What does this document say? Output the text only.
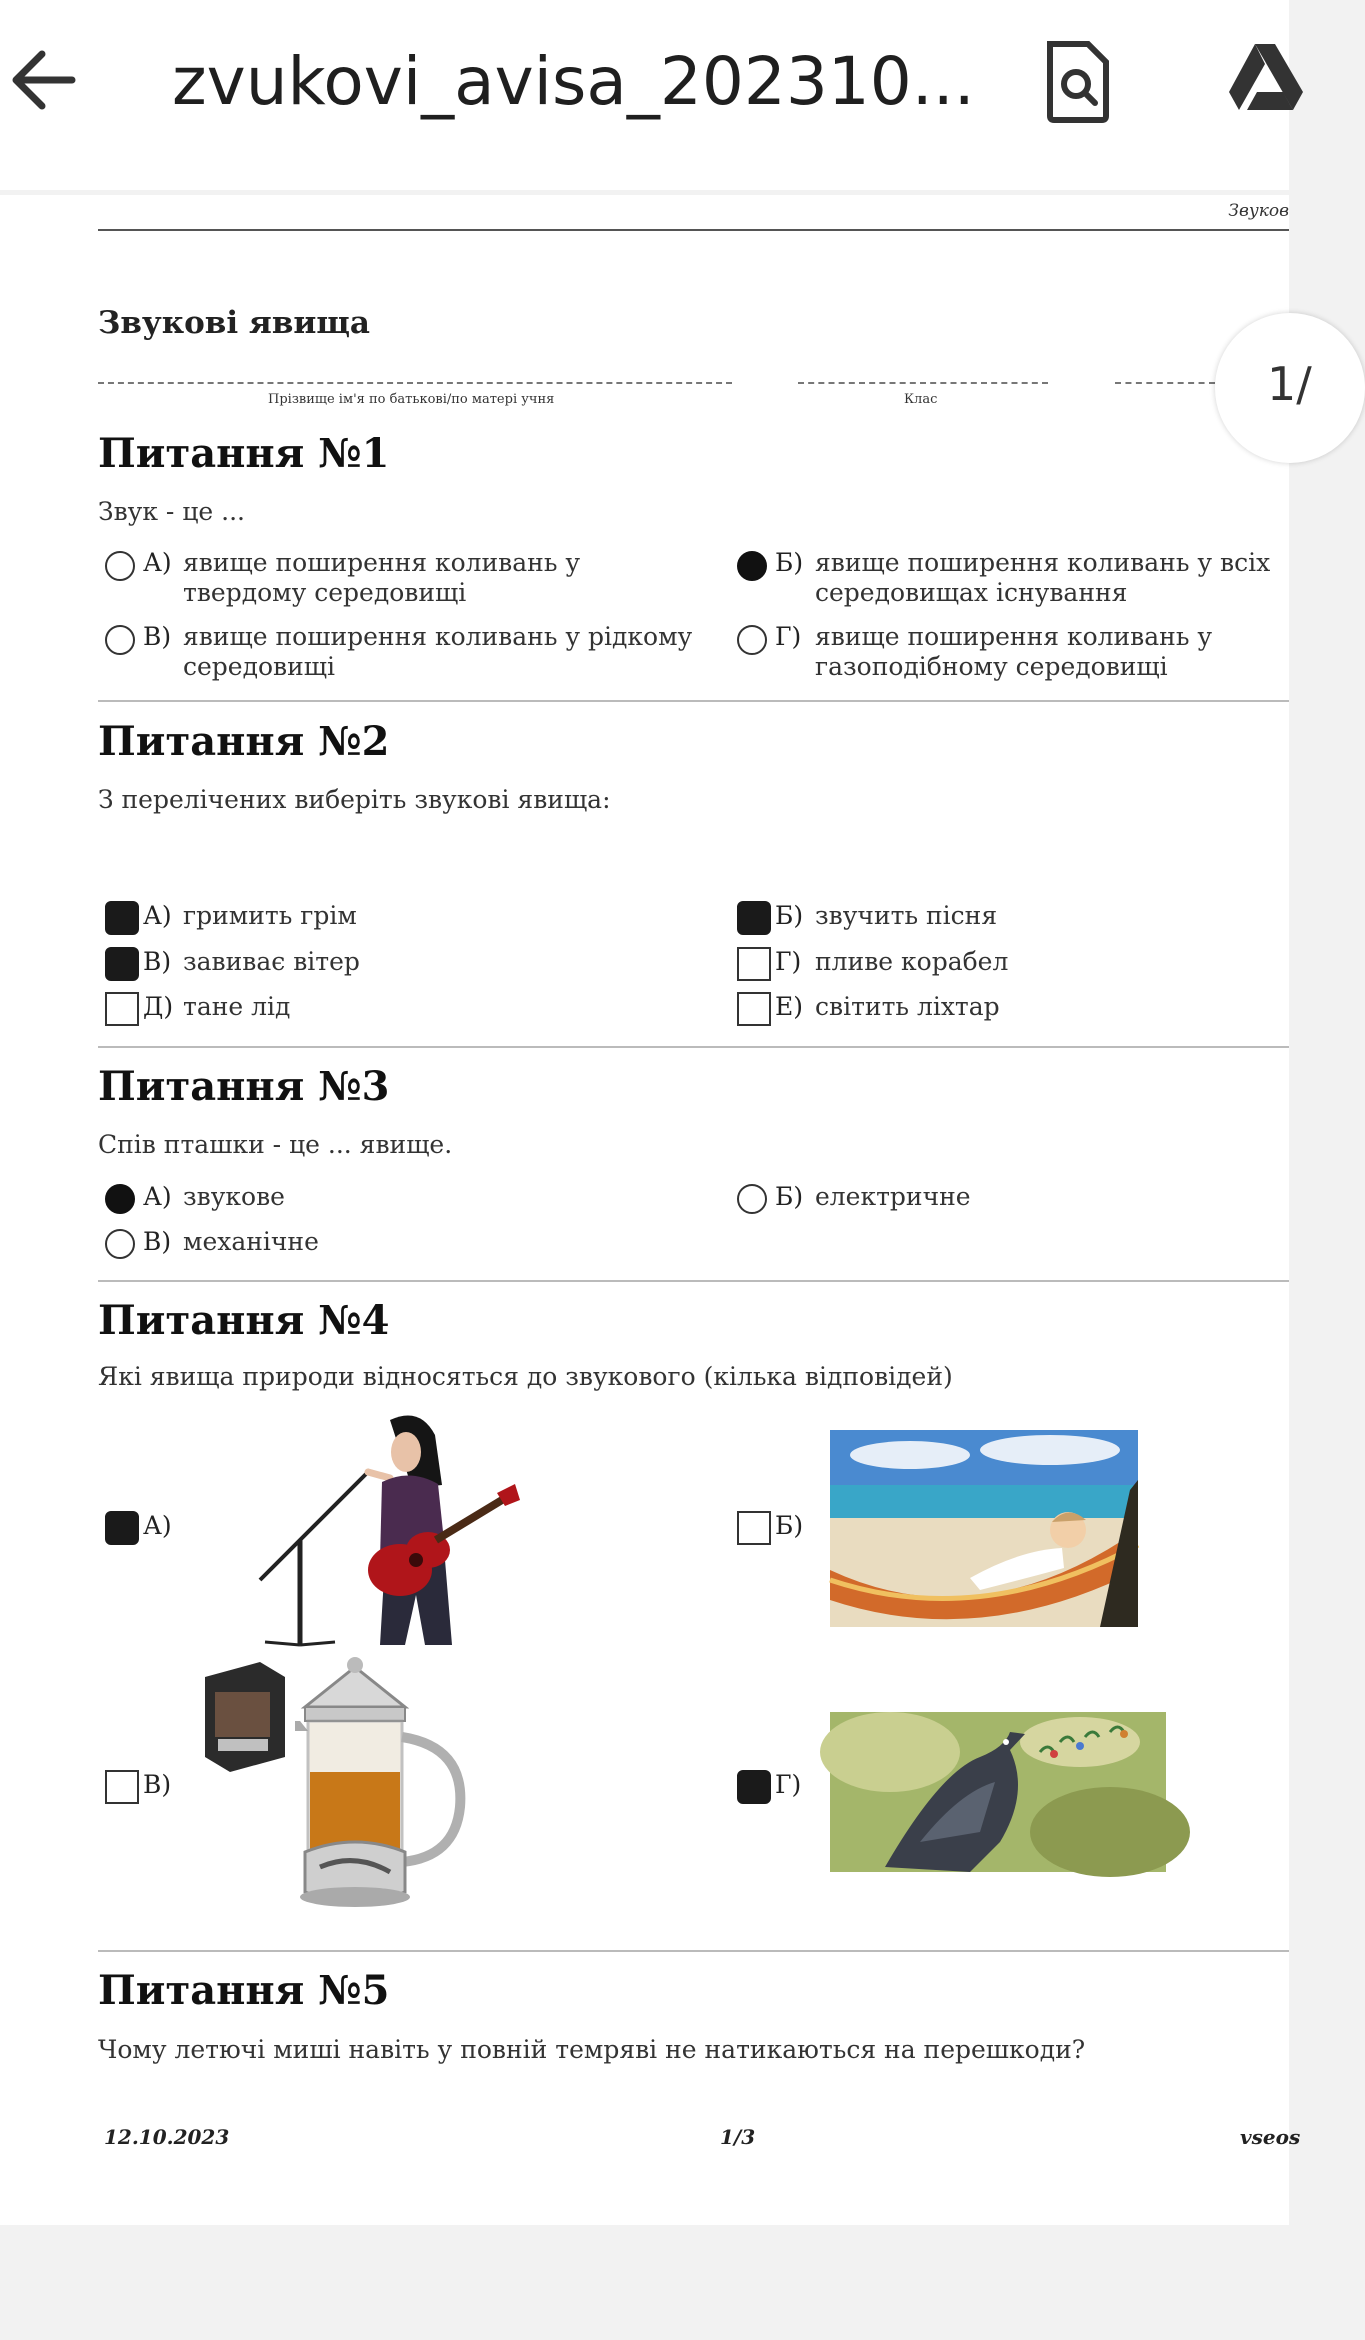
zvukovi_avisa_202310...
Звуков
Звукові явища
Прізвище ім'я по батькові/по матері учня	Клас	1/
Питання №1
Звук - це ...
А) явище поширення коливань у твердому середовищі
Б) явище поширення коливань у всіх середовищах існування
В) явище поширення коливань у рідкому середовищі
Г) явище поширення коливань у газоподібному середовищі
Питання №2
З перелічених виберіть звукові явища:
А) гримить грім	Б) звучить пісня
В) завиває вітер	Г) пливе корабел
Д) тане лід	Е) світить ліхтар
Питання №3
Спів пташки - це ... явище.
А) звукове	Б) електричне
В) механічне
Питання №4
Які явища природи відносяться до звукового (кілька відповідей)
А)	Б)
В)	Г)
Питання №5
Чому летючі миші навіть у повній темряві не натикаються на перешкоди?
12.10.2023	1/3	vseos
